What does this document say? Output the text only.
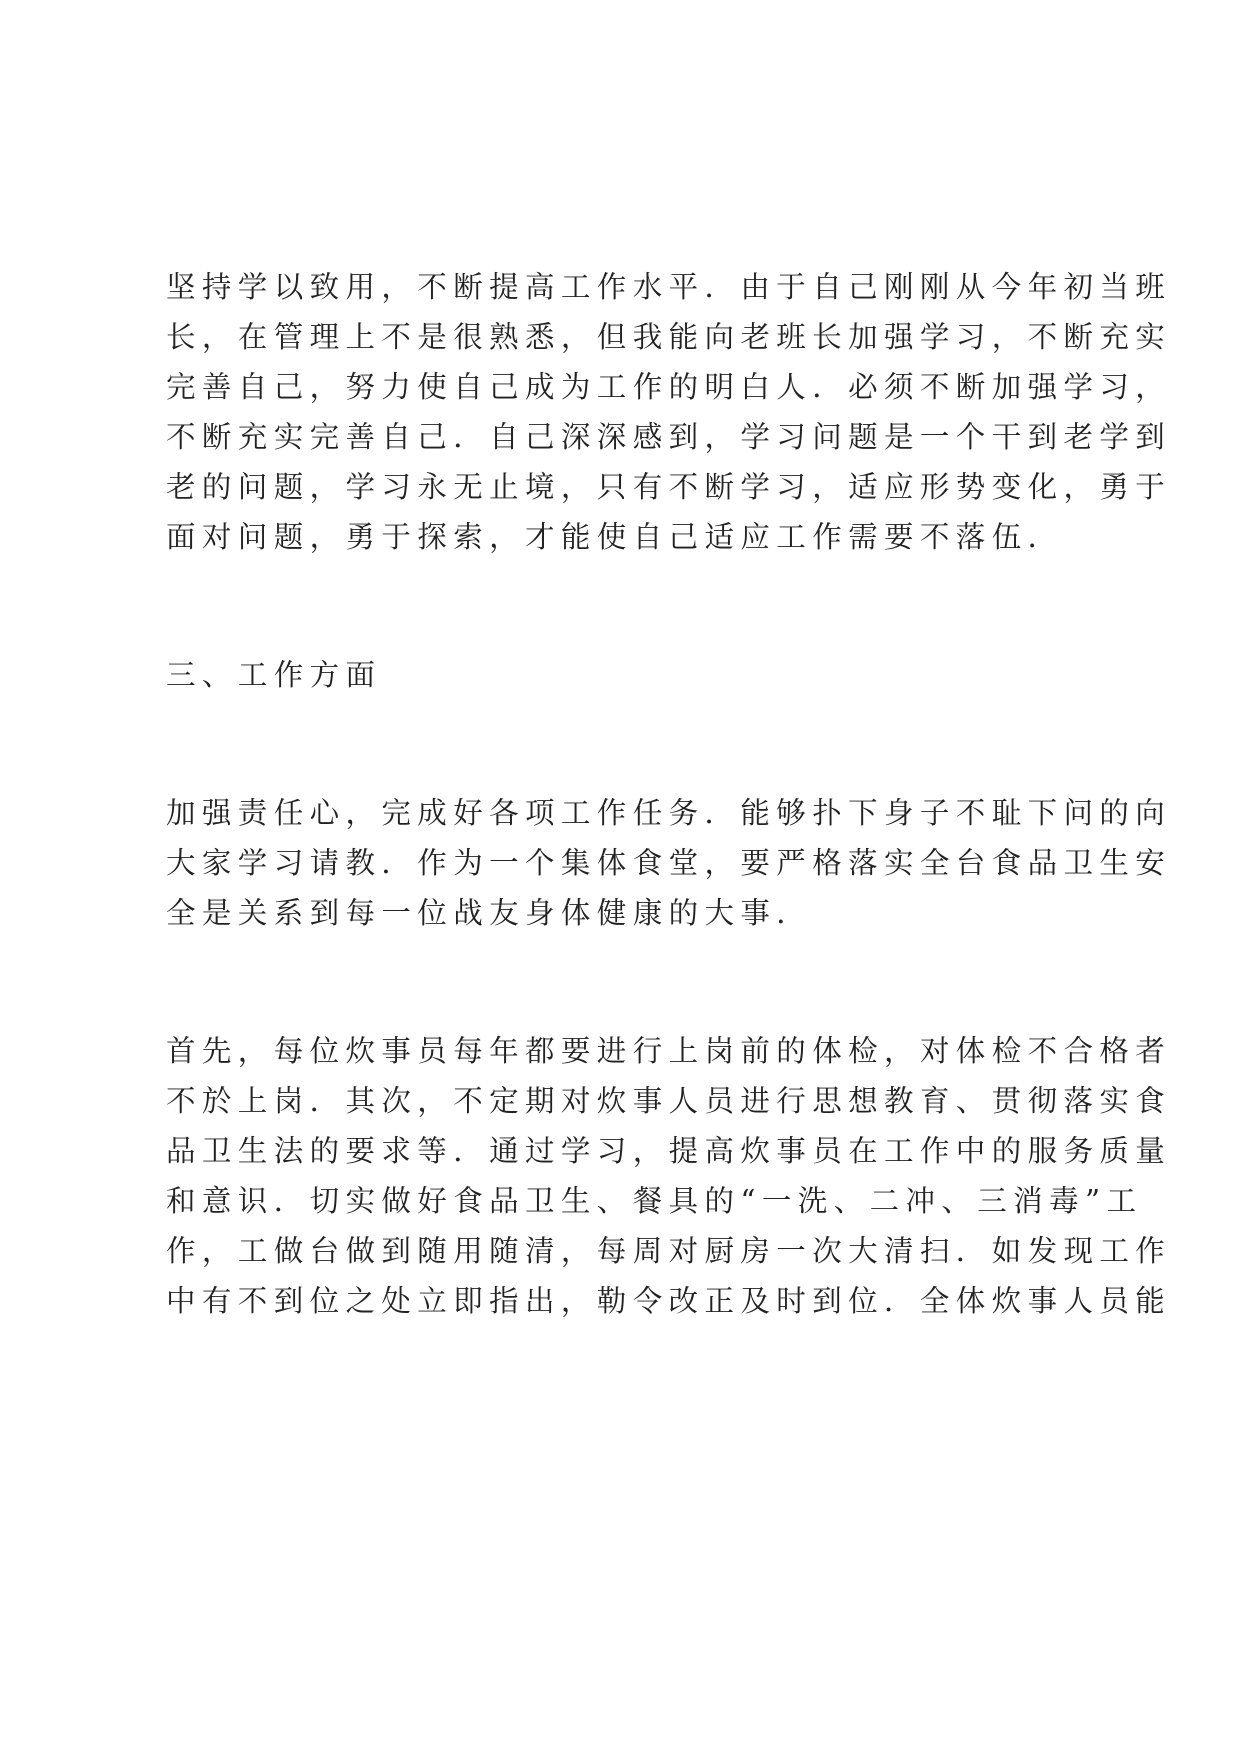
坚持学以致用，不断提高工作水平．由于自己刚刚从今年初当班
长，在管理上不是很熟悉，但我能向老班长加强学习，不断充实
完善自己，努力使自己成为工作的明白人．必须不断加强学习，
不断充实完善自己．自己深深感到，学习问题是一个干到老学到
老的问题，学习永无止境，只有不断学习，适应形势变化，勇于
面对问题，勇于探索，才能使自己适应工作需要不落伍．
三、工作方面
加强责任心，完成好各项工作任务．能够扑下身子不耻下问的向
大家学习请教．作为一个集体食堂，要严格落实全台食品卫生安
全是关系到每一位战友身体健康的大事．
首先，每位炊事员每年都要进行上岗前的体检，对体检不合格者
不於上岗．其次，不定期对炊事人员进行思想教育、贯彻落实食
品卫生法的要求等．通过学习，提高炊事员在工作中的服务质量
和意识．切实做好食品卫生、餐具的“一洗、二冲、三消毒”工
作，工做台做到随用随清，每周对厨房一次大清扫．如发现工作
中有不到位之处立即指出，勒令改正及时到位．全体炊事人员能
